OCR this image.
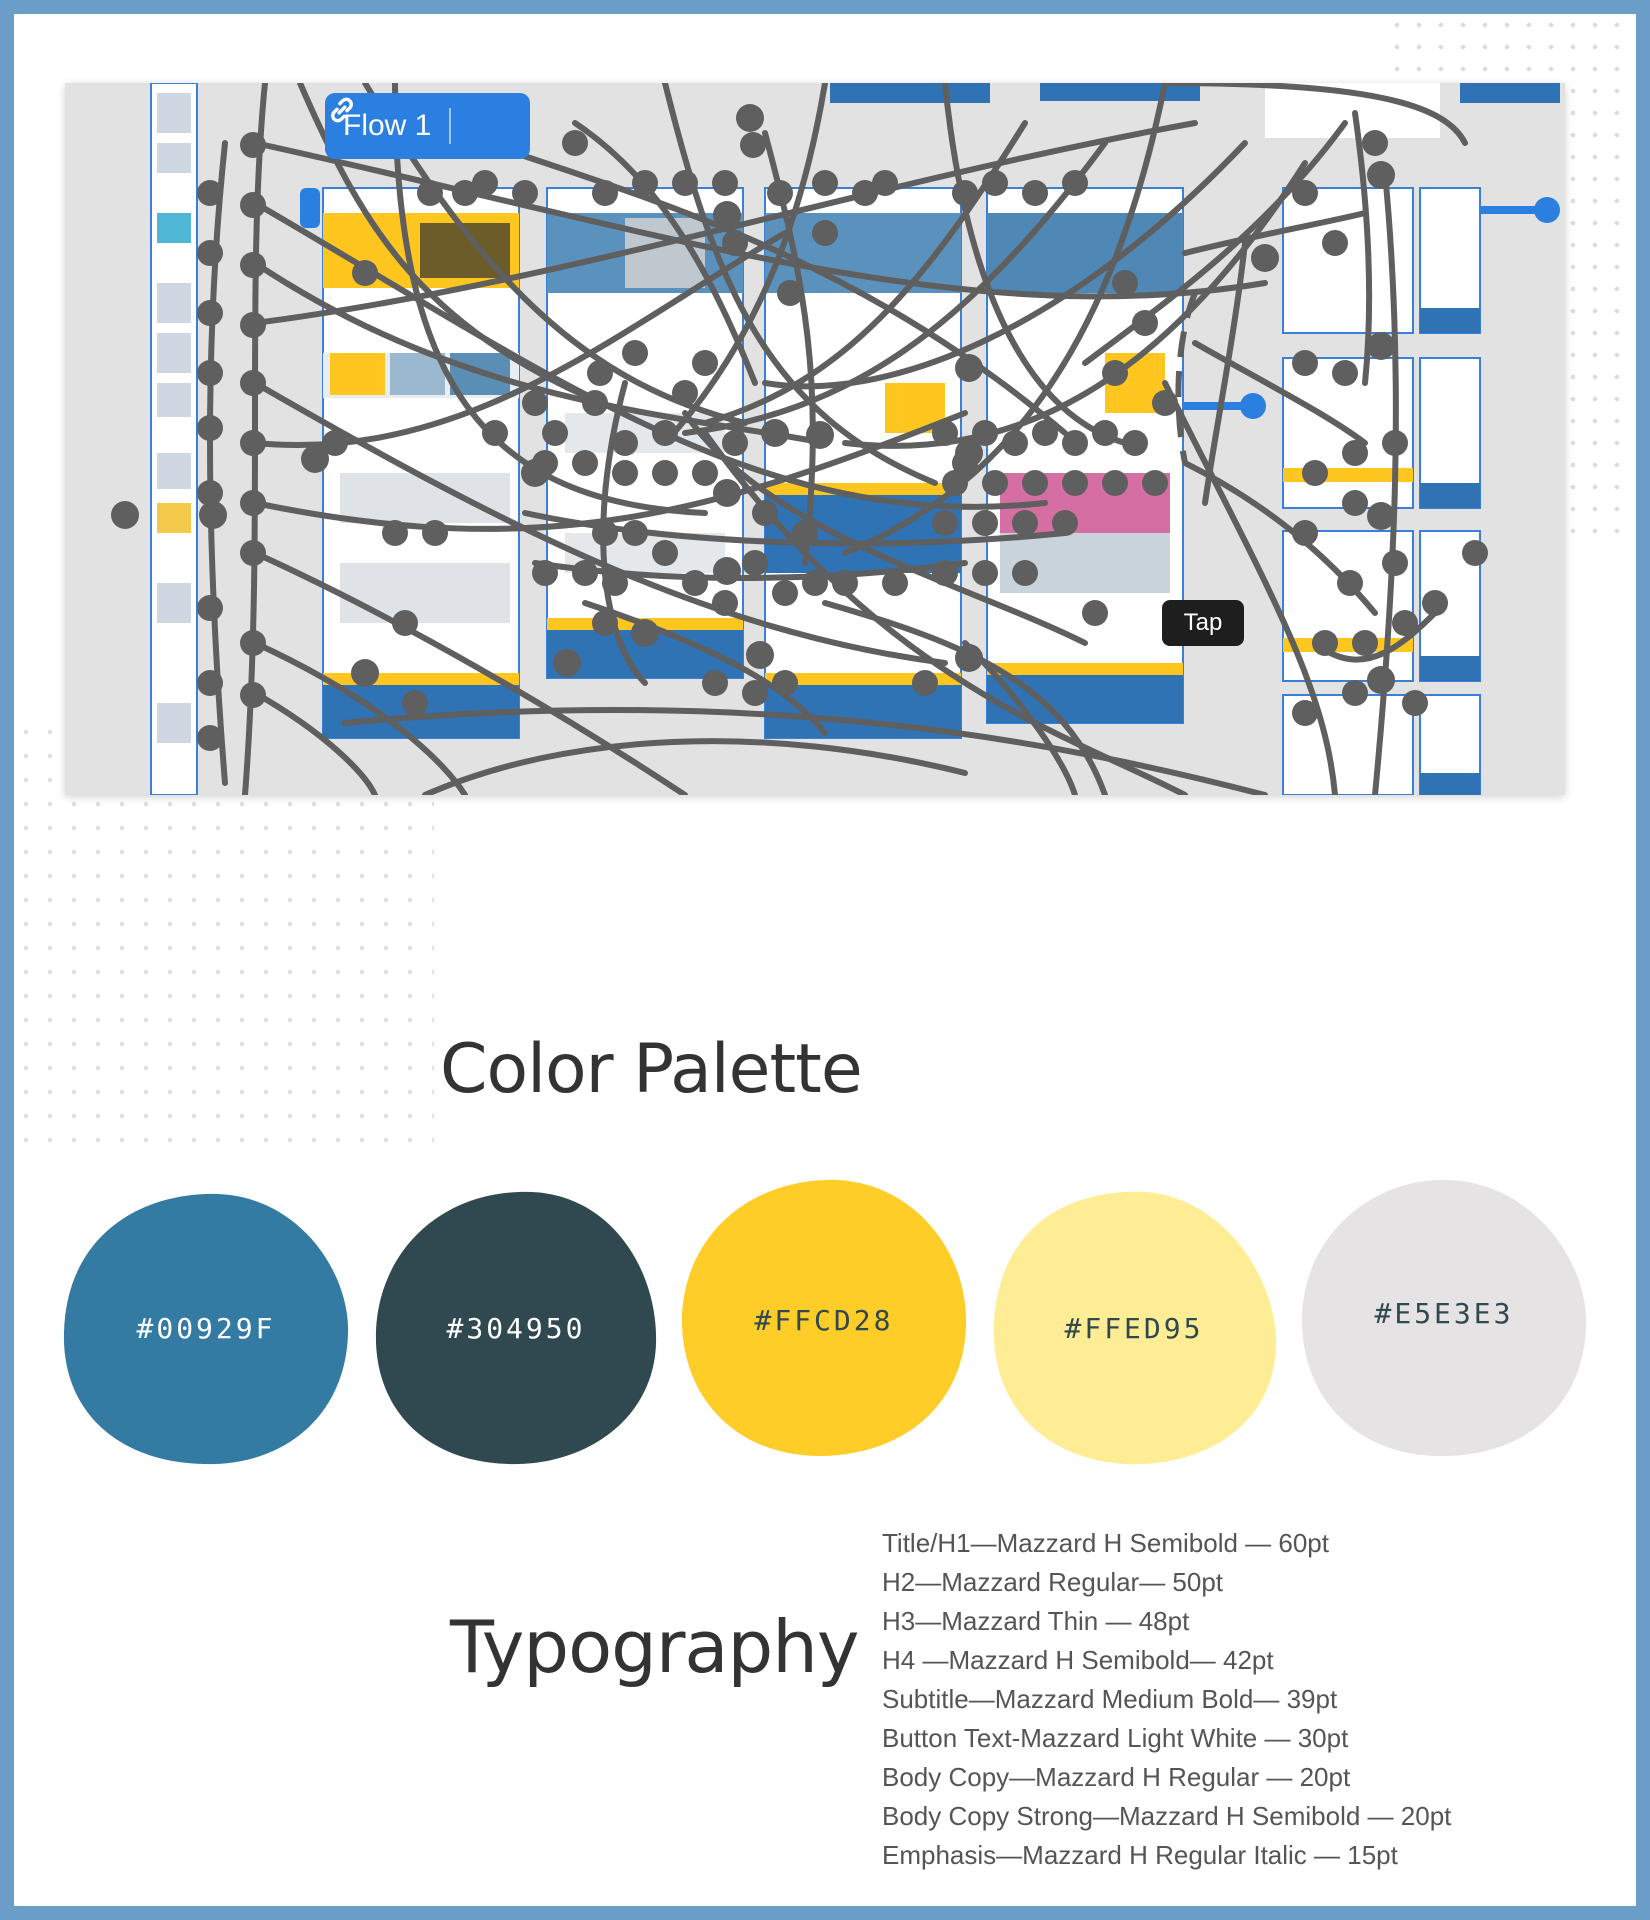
Flow 1
Tap
Color Palette
#00929F	#304950	#FFCD28	#FFED95	#E5E3E3
Typography
Title/H1—Mazzard H Semibold — 60pt
H2—Mazzard Regular— 50pt
H3—Mazzard Thin — 48pt
H4 —Mazzard H Semibold— 42pt
Subtitle—Mazzard Medium Bold— 39pt
Button Text-Mazzard Light White — 30pt
Body Copy—Mazzard H Regular — 20pt
Body Copy Strong—Mazzard H Semibold — 20pt
Emphasis—Mazzard H Regular Italic — 15pt
